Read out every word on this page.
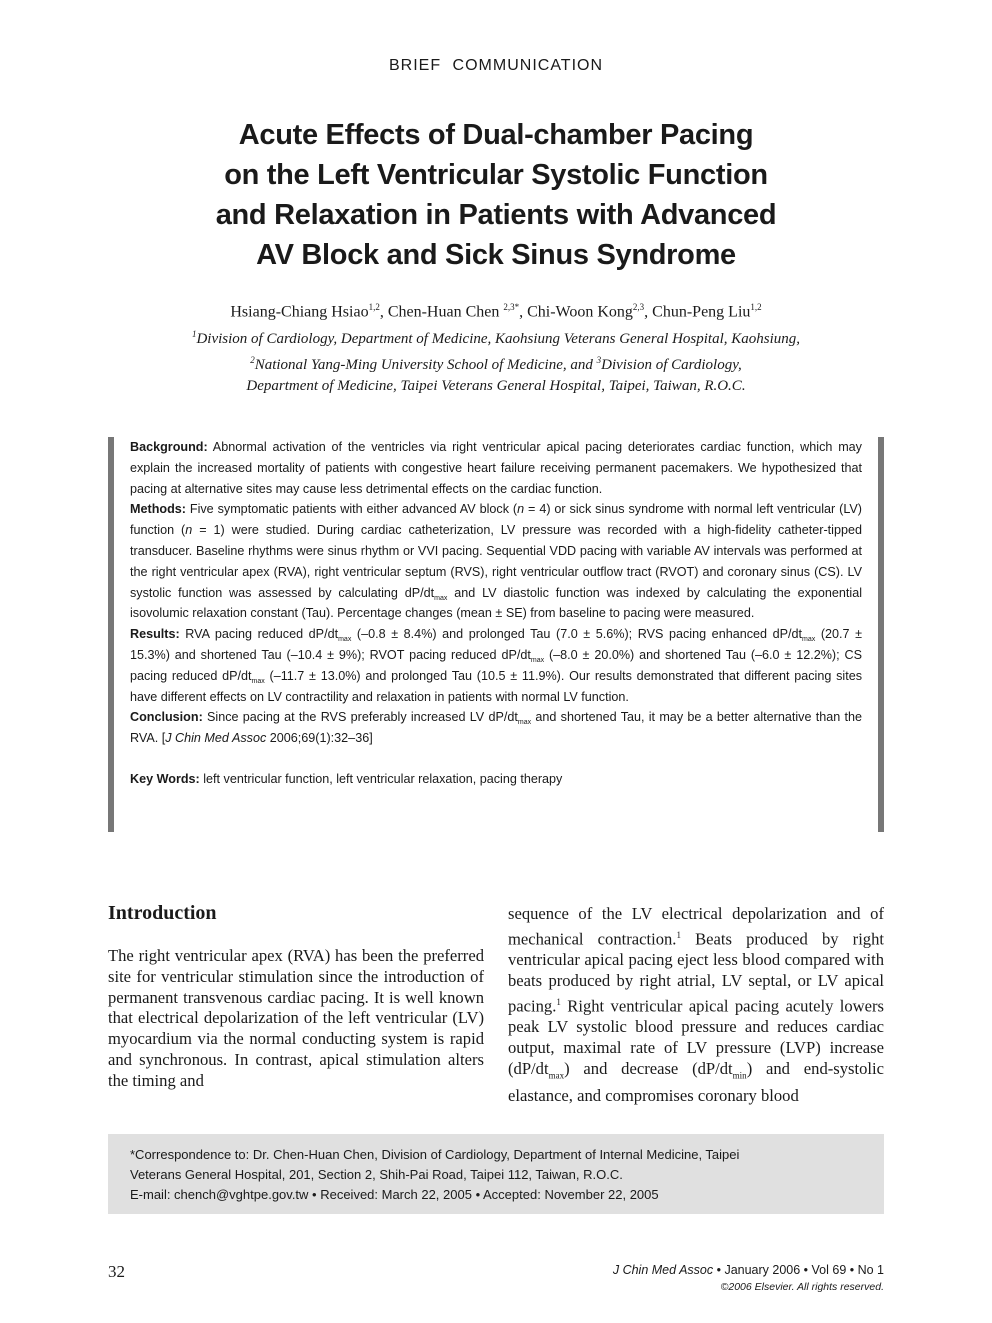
BRIEF COMMUNICATION
Acute Effects of Dual-chamber Pacing
on the Left Ventricular Systolic Function
and Relaxation in Patients with Advanced
AV Block and Sick Sinus Syndrome
Hsiang-Chiang Hsiao$^{1,2}$, Chen-Huan Chen $^{2,3*}$, Chi-Woon Kong$^{2,3}$, Chun-Peng Liu$^{1,2}$
$^1$Division of Cardiology, Department of Medicine, Kaohsiung Veterans General Hospital, Kaohsiung,
$^2$National Yang-Ming University School of Medicine, and $^3$Division of Cardiology,
Department of Medicine, Taipei Veterans General Hospital, Taipei, Taiwan, R.O.C.

Background: Abnormal activation of the ventricles via right ventricular apical pacing deteriorates cardiac function, which may explain the increased mortality of patients with congestive heart failure receiving permanent pacemakers. We hypothesized that pacing at alternative sites may cause less detrimental effects on the cardiac function.

Methods: Five symptomatic patients with either advanced AV block (n = 4) or sick sinus syndrome with normal left ventricular (LV) function (n = 1) were studied. During cardiac catheterization, LV pressure was recorded with a high-fidelity catheter-tipped transducer. Baseline rhythms were sinus rhythm or VVI pacing. Sequential VDD pacing with variable AV intervals was performed at the right ventricular apex (RVA), right ventricular septum (RVS), right ventricular outflow tract (RVOT) and coronary sinus (CS). LV systolic function was assessed by calculating $dP/dt_{max}$ and LV diastolic function was indexed by calculating the exponential isovolumic relaxation constant (Tau). Percentage changes (mean ± SE) from baseline to pacing were measured.

Results: RVA pacing reduced $dP/dt_{max}$ (–0.8 ± 8.4%) and prolonged Tau (7.0 ± 5.6%); RVS pacing enhanced $dP/dt_{max}$ (20.7 ± 15.3%) and shortened Tau (–10.4 ± 9%); RVOT pacing reduced $dP/dt_{max}$ (–8.0 ± 20.0%) and shortened Tau (–6.0 ± 12.2%); CS pacing reduced $dP/dt_{max}$ (–11.7 ± 13.0%) and prolonged Tau (10.5 ± 11.9%). Our results demonstrated that different pacing sites have different effects on LV contractility and relaxation in patients with normal LV function.

Conclusion: Since pacing at the RVS preferably increased LV $dP/dt_{max}$ and shortened Tau, it may be a better alternative than the RVA. [J Chin Med Assoc 2006;69(1):32–36]

Key Words: left ventricular function, left ventricular relaxation, pacing therapy

Introduction

The right ventricular apex (RVA) has been the preferred site for ventricular stimulation since the introduction of permanent transvenous cardiac pacing. It is well known that electrical depolarization of the left ventricular (LV) myocardium via the normal conducting system is rapid and synchronous. In contrast, apical stimulation alters the timing and

sequence of the LV electrical depolarization and of mechanical contraction.$^1$ Beats produced by right ventricular apical pacing eject less blood compared with beats produced by right atrial, LV septal, or LV apical pacing.$^1$ Right ventricular apical pacing acutely lowers peak LV systolic blood pressure and reduces cardiac output, maximal rate of LV pressure (LVP) increase $(dP/dt_{max})$ and decrease $(dP/dt_{min})$ and end-systolic elastance, and compromises coronary blood

*Correspondence to: Dr. Chen-Huan Chen, Division of Cardiology, Department of Internal Medicine, Taipei
Veterans General Hospital, 201, Section 2, Shih-Pai Road, Taipei 112, Taiwan, R.O.C.
E-mail: chench@vghtpe.gov.tw • Received: March 22, 2005 • Accepted: November 22, 2005
32	J Chin Med Assoc • January 2006 • Vol 69 • No 1
©2006 Elsevier. All rights reserved.
